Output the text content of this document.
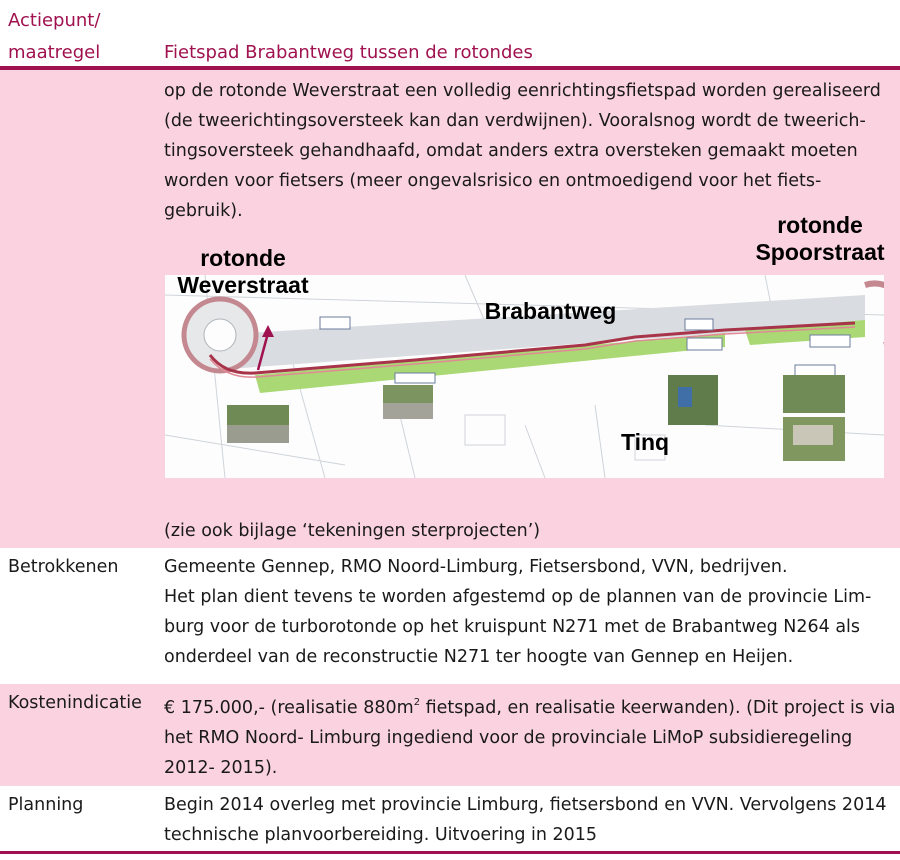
Actiepunt/
maatregel	Fietspad Brabantweg tussen de rotondes
op de rotonde Weverstraat een volledig eenrichtingsfietspad worden gerealiseerd
(de tweerichtingsoversteek kan dan verdwijnen). Vooralsnog wordt de tweerich-
tingsoversteek gehandhaafd, omdat anders extra oversteken gemaakt moeten
worden voor fietsers (meer ongevalsrisico en ontmoedigend voor het fiets-
gebruik).
rotonde
Weverstraat
rotonde
Spoorstraat
Brabantweg
Tinq
(zie ook bijlage ‘tekeningen sterprojecten’)
Betrokkenen	Gemeente Gennep, RMO Noord-Limburg, Fietsersbond, VVN, bedrijven.
Het plan dient tevens te worden afgestemd op de plannen van de provincie Lim-
burg voor de turborotonde op het kruispunt N271 met de Brabantweg N264 als
onderdeel van de reconstructie N271 ter hoogte van Gennep en Heijen.
Kostenindicatie € 175.000,- (realisatie $880m^2$ fietspad, en realisatie keerwanden). (Dit project is via
het RMO Noord- Limburg ingediend voor de provinciale LiMoP subsidieregeling
2012- 2015).
Planning	Begin 2014 overleg met provincie Limburg, fietsersbond en VVN. Vervolgens 2014
technische planvoorbereiding. Uitvoering in 2015
